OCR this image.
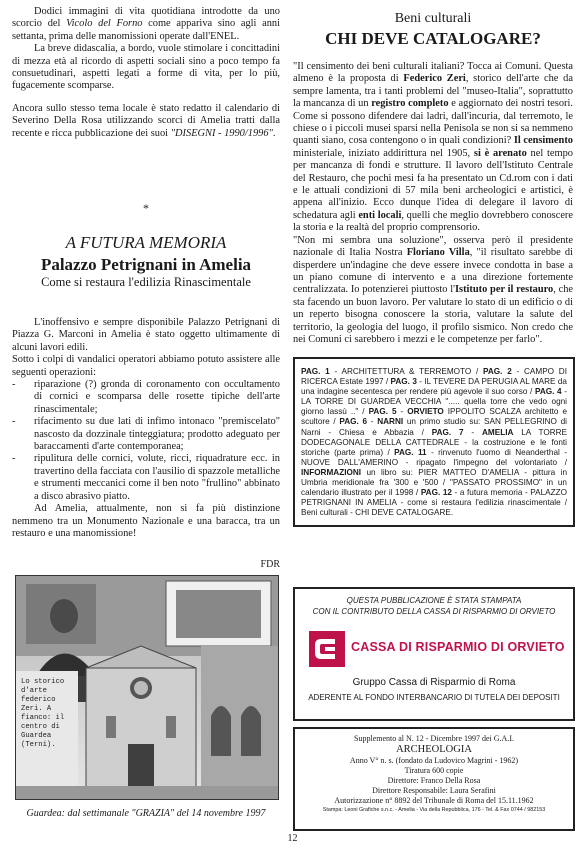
Dodici immagini di vita quotidiana introdotte da uno scorcio del Vicolo del Forno come appariva sino agli anni settanta, prima delle manomissioni operate dall'ENEL.

La breve didascalia, a bordo, vuole stimolare i concittadini di mezza età al ricordo di aspetti sociali sino a poco tempo fa consuetudinari, aspetti legati a forme di vita, per lo più, fugacemente scomparse.

Ancora sullo stesso tema locale è stato redatto il calendario di Severino Della Rosa utilizzando scorci di Amelia tratti dalla recente e ricca pubblicazione dei suoi "DISEGNI - 1990/1996".

*
A FUTURA MEMORIA
Palazzo Petrignani in Amelia
Come si restaura l'edilizia Rinascimentale

L'inoffensivo e sempre disponibile Palazzo Petrignani di Piazza G. Marconi in Amelia è stato oggetto ultimamente di alcuni lavori edili.

Sotto i colpi di vandalici operatori abbiamo potuto assistere alle seguenti operazioni:

-	riparazione (?) gronda di coronamento con occultamento di cornici e scomparsa delle rosette tipiche dell'arte rinascimentale;
-	rifacimento su due lati di infimo intonaco "premiscelato" nascosto da dozzinale tinteggiatura; prodotto adeguato per baraccamenti d'arte contemporanea;
-	ripulitura delle cornici, volute, ricci, riquadrature ecc. in travertino della facciata con l'ausilio di spazzole metalliche e strumenti meccanici come il ben noto "frullino" abbinato a disco abrasivo piatto.

Ad Amelia, attualmente, non si fa più distinzione nemmeno tra un Monumento Nazionale e una baracca, tra un restauro e una manomissione!

FDR
Lo storico d'arte federico Zeri. A fianco: il centro di Guardea (Terni).
Guardea: dal settimanale "GRAZIA" del 14 novembre 1997
Beni culturali
CHI DEVE CATALOGARE?

"Il censimento dei beni culturali italiani? Tocca ai Comuni. Questa almeno è la proposta di Federico Zeri, storico dell'arte che da sempre lamenta, tra i tanti problemi del "museo-Italia", soprattutto la mancanza di un registro completo e aggiornato dei nostri tesori. Come si possono difendere dai ladri, dall'incuria, dal terremoto, le chiese o i piccoli musei sparsi nella Penisola se non si sa nemmeno quanti siano, cosa contengono o in quali condizioni? Il censimento ministeriale, iniziato addirittura nel 1905, si è arenato nel tempo per mancanza di fondi e strutture. Il lavoro dell'Istituto Centrale del Restauro, che pochi mesi fa ha presentato un Cd.rom con i dati e le attuali condizioni di 57 mila beni archeologici e artistici, è appena all'inizio. Ecco dunque l'idea di delegare il lavoro di schedatura agli enti locali, quelli che meglio dovrebbero conoscere la storia e la realtà del proprio comprensorio.

"Non mi sembra una soluzione", osserva però il presidente nazionale di Italia Nostra Floriano Villa, "il risultato sarebbe di disperdere un'indagine che deve essere invece condotta in base a un piano comune di intervento e a una direzione fortemente centralizzata. Io potenzierei piuttosto l'Istituto per il restauro, che sta facendo un buon lavoro. Per valutare lo stato di un edificio o di un reperto bisogna conoscere la storia, valutare la salute del territorio, la geologia del luogo, il profilo sismico. Non credo che nei Comuni ci sarebbero i mezzi e le competenze per farlo".

PAG. 1 - ARCHITETTURA & TERREMOTO / PAG. 2 - CAMPO DI RICERCA Estate 1997 / PAG. 3 - IL TEVERE DA PERUGIA AL MARE da una indagine secentesca per rendere più agevole il suo corso / PAG. 4 - LA TORRE DI GUARDEA VECCHIA "..... quella torre che vedo ogni giorno lassù .." / PAG. 5 - ORVIETO IPPOLITO SCALZA architetto e scultore / PAG. 6 - NARNI un primo studio su: SAN PELLEGRINO di Narni - Chiesa e Abbazia / PAG. 7 - AMELIA LA TORRE DODECAGONALE DELLA CATTEDRALE - la costruzione e le fonti storiche (parte prima) / PAG. 11 - rinvenuto l'uomo di Neanderthal - NUOVE DALL'AMERINO - ripagato l'impegno del volontariato / INFORMAZIONI un libro su: PIER MATTEO D'AMELIA - pittura in Umbria meridionale fra '300 e '500 / "PASSATO PROSSIMO" in un calendario illustrato per il 1998 / PAG. 12 - a futura memoria - PALAZZO PETRIGNANI IN AMELIA - come si restaura l'edilizia rinascimentale / Beni culturali - CHI DEVE CATALOGARE.
QUESTA PUBBLICAZIONE È STATA STAMPATA
CON IL CONTRIBUTO DELLA CASSA DI RISPARMIO DI ORVIETO
CASSA DI RISPARMIO DI ORVIETO
Gruppo Cassa di Risparmio di Roma
ADERENTE AL FONDO INTERBANCARIO DI TUTELA DEI DEPOSITI
Supplemento al N. 12 - Dicembre 1997 dei G.A.I.
ARCHEOLOGIA
Anno V° n. s. (fondato da Ludovico Magrini - 1962)
Tiratura 600 copie
Direttore: Franco Della Rosa
Direttore Responsabile: Laura Serafini
Autorizzazione n° 8892 del Tribunale di Roma del 15.11.1962
Stampa: Leoni Grafiche s.n.c. - Amelia - Via della Repubblica, 176 - Tel. & Fax 0744 / 982153
12
